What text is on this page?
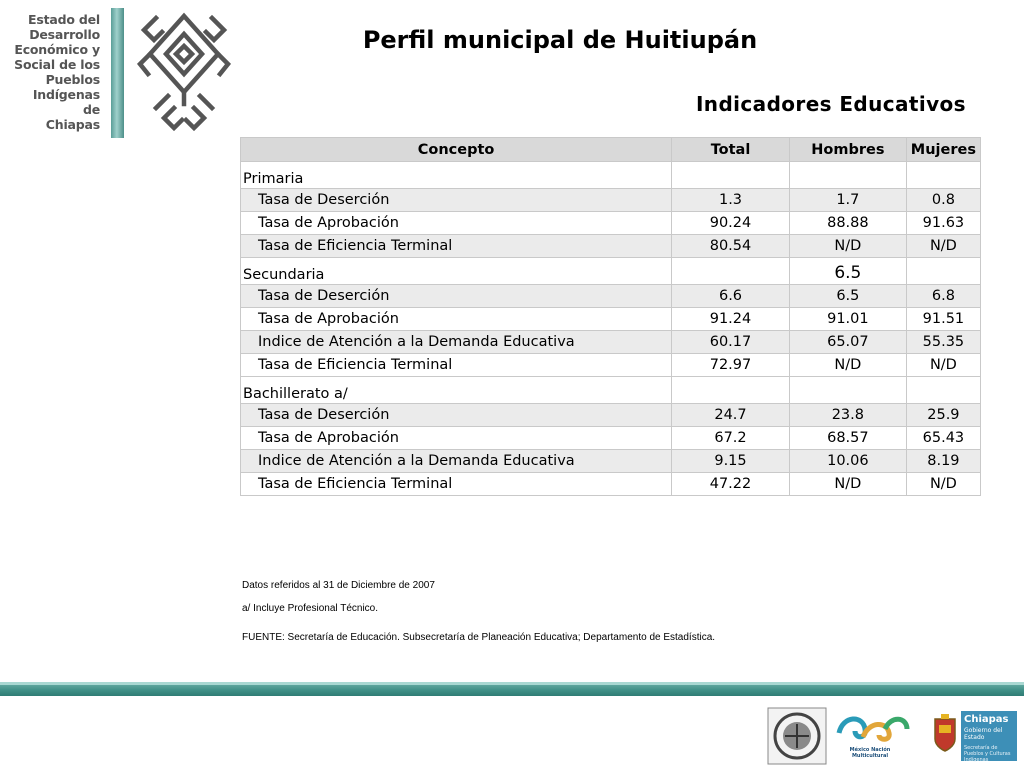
Estado del
Desarrollo
Económico y
Social de los
Pueblos
Indígenas de
Chiapas
Perfil municipal de Huitiupán
Indicadores Educativos
Concepto	Total	Hombres	Mujeres
Primaria			
Tasa de Deserción	1.3	1.7	0.8
Tasa de Aprobación	90.24	88.88	91.63
Tasa de Eficiencia Terminal	80.54	N/D	N/D
Secundaria		6.5	
Tasa de Deserción	6.6	6.5	6.8
Tasa de Aprobación	91.24	91.01	91.51
Indice de Atención a la Demanda Educativa	60.17	65.07	55.35
Tasa de Eficiencia Terminal	72.97	N/D	N/D
Bachillerato a/			
Tasa de Deserción	24.7	23.8	25.9
Tasa de Aprobación	67.2	68.57	65.43
Indice de Atención a la Demanda Educativa	9.15	10.06	8.19
Tasa de Eficiencia Terminal	47.22	N/D	N/D
Datos referidos al 31 de Diciembre de 2007
a/ Incluye Profesional Técnico.
FUENTE: Secretaría de Educación. Subsecretaría de Planeación Educativa; Departamento de Estadística.
México Nación Multicultural
Chiapas
Gobierno del Estado
Secretaría de Pueblos y Culturas Indígenas
